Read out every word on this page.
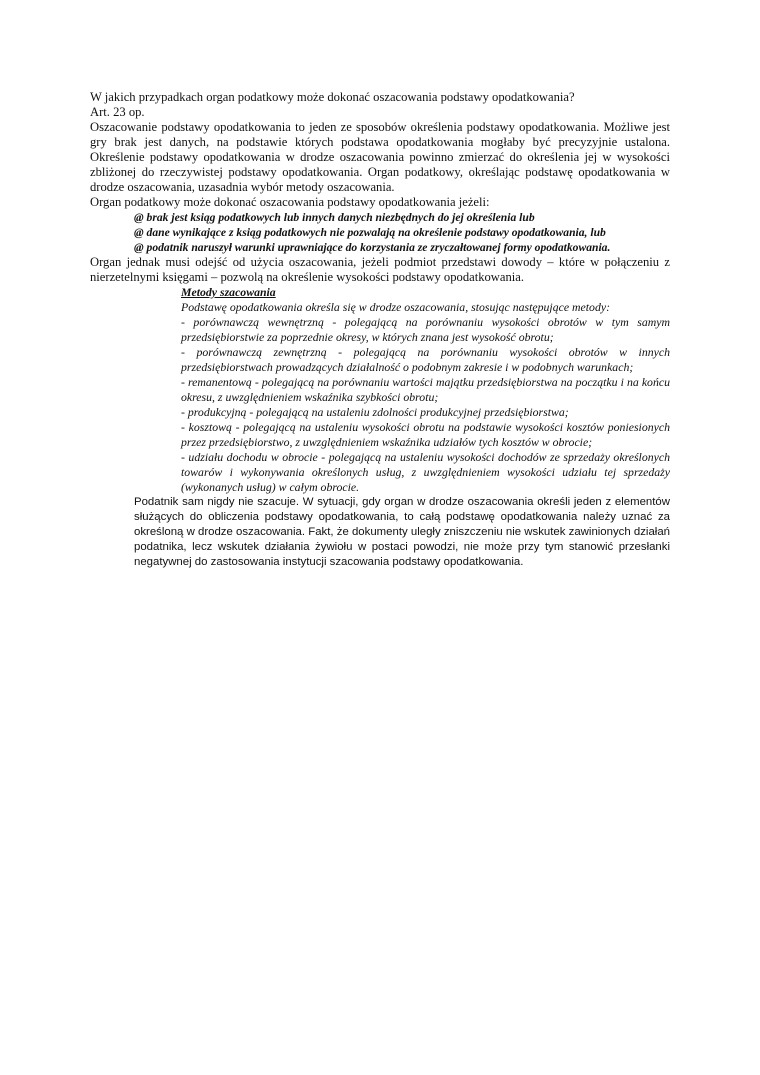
W jakich przypadkach organ podatkowy może dokonać oszacowania podstawy opodatkowania?

Art. 23 op.

Oszacowanie podstawy opodatkowania to jeden ze sposobów określenia podstawy opodatkowania. Możliwe jest gry brak jest danych, na podstawie których podstawa opodatkowania mogłaby być precyzyjnie ustalona. Określenie podstawy opodatkowania w drodze oszacowania powinno zmierzać do określenia jej w wysokości zbliżonej do rzeczywistej podstawy opodatkowania. Organ podatkowy, określając podstawę opodatkowania w drodze oszacowania, uzasadnia wybór metody oszacowania.

Organ podatkowy może dokonać oszacowania podstawy opodatkowania jeżeli:

@ brak jest ksiąg podatkowych lub innych danych niezbędnych do jej określenia lub

@ dane wynikające z ksiąg podatkowych nie pozwalają na określenie podstawy opodatkowania, lub

@ podatnik naruszył warunki uprawniające do korzystania ze zryczałtowanej formy opodatkowania.

Organ jednak musi odejść od użycia oszacowania, jeżeli podmiot przedstawi dowody – które w połączeniu z nierzetelnymi księgami – pozwolą na określenie wysokości podstawy opodatkowania.

Metody szacowania

Podstawę opodatkowania określa się w drodze oszacowania, stosując następujące metody:

- porównawczą wewnętrzną - polegającą na porównaniu wysokości obrotów w tym samym przedsiębiorstwie za poprzednie okresy, w których znana jest wysokość obrotu;

- porównawczą zewnętrzną - polegającą na porównaniu wysokości obrotów w innych przedsiębiorstwach prowadzących działalność o podobnym zakresie i w podobnych warunkach;

- remanentową - polegającą na porównaniu wartości majątku przedsiębiorstwa na początku i na końcu okresu, z uwzględnieniem wskaźnika szybkości obrotu;

- produkcyjną - polegającą na ustaleniu zdolności produkcyjnej przedsiębiorstwa;

- kosztową - polegającą na ustaleniu wysokości obrotu na podstawie wysokości kosztów poniesionych przez przedsiębiorstwo, z uwzględnieniem wskaźnika udziałów tych kosztów w obrocie;

- udziału dochodu w obrocie - polegającą na ustaleniu wysokości dochodów ze sprzedaży określonych towarów i wykonywania określonych usług, z uwzględnieniem wysokości udziału tej sprzedaży (wykonanych usług) w całym obrocie.

Podatnik sam nigdy nie szacuje. W sytuacji, gdy organ w drodze oszacowania określi jeden z elementów służących do obliczenia podstawy opodatkowania, to całą podstawę opodatkowania należy uznać za określoną w drodze oszacowania. Fakt, że dokumenty uległy zniszczeniu nie wskutek zawinionych działań podatnika, lecz wskutek działania żywiołu w postaci powodzi, nie może przy tym stanowić przesłanki negatywnej do zastosowania instytucji szacowania podstawy opodatkowania.
